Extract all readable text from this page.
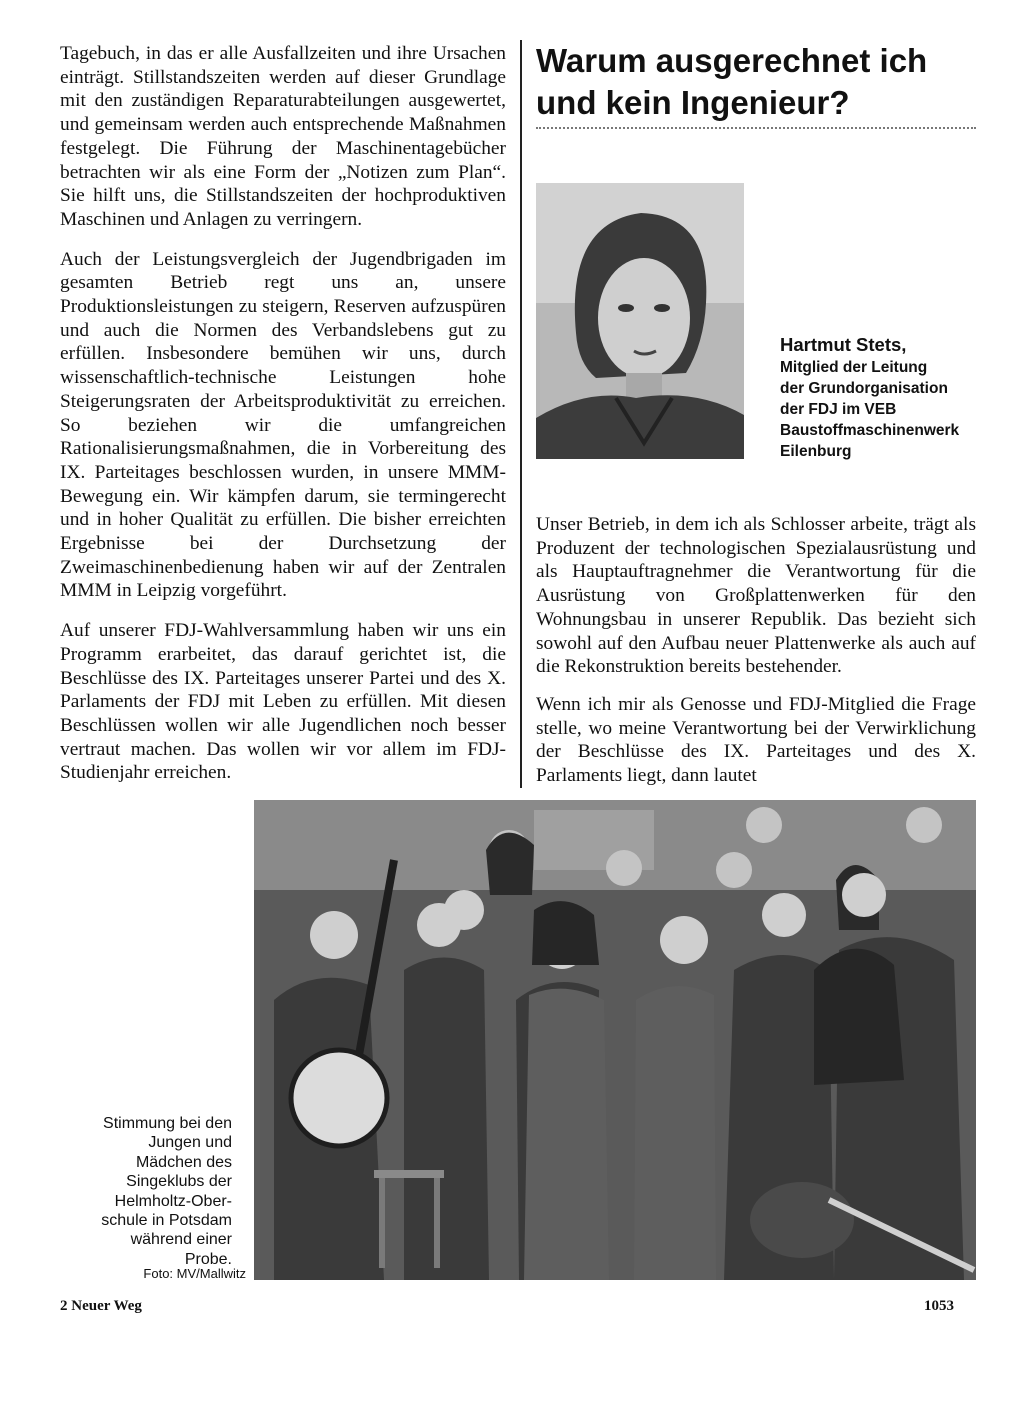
Tagebuch, in das er alle Ausfallzeiten und ihre Ursachen einträgt. Stillstandszeiten werden auf dieser Grundlage mit den zuständigen Reparaturabteilungen ausgewertet, und gemeinsam werden auch entsprechende Maßnahmen festgelegt. Die Führung der Maschinentagebücher betrachten wir als eine Form der „Notizen zum Plan“. Sie hilft uns, die Stillstandszeiten der hochproduktiven Maschinen und Anlagen zu verringern.

Auch der Leistungsvergleich der Jugendbrigaden im gesamten Betrieb regt uns an, unsere Produktionsleistungen zu steigern, Reserven aufzuspüren und auch die Normen des Verbandslebens gut zu erfüllen. Insbesondere bemühen wir uns, durch wissenschaftlich-technische Leistungen hohe Steigerungsraten der Arbeitsproduktivität zu erreichen. So beziehen wir die umfangreichen Rationalisierungsmaßnahmen, die in Vorbereitung des IX. Parteitages beschlossen wurden, in unsere MMM-Bewegung ein. Wir kämpfen darum, sie termingerecht und in hoher Qualität zu erfüllen. Die bisher erreichten Ergebnisse bei der Durchsetzung der Zweimaschinenbedienung haben wir auf der Zentralen MMM in Leipzig vorgeführt.

Auf unserer FDJ-Wahlversammlung haben wir uns ein Programm erarbeitet, das darauf gerichtet ist, die Beschlüsse des IX. Parteitages unserer Partei und des X. Parlaments der FDJ mit Leben zu erfüllen. Mit diesen Beschlüssen wollen wir alle Jugendlichen noch besser vertraut machen. Das wollen wir vor allem im FDJ-Studienjahr erreichen.

Warum ausgerechnet ich
und kein Ingenieur?
Hartmut Stets,
Mitglied der Leitung
der Grundorganisation
der FDJ im VEB
Baustoffmaschinenwerk
Eilenburg

Unser Betrieb, in dem ich als Schlosser arbeite, trägt als Produzent der technologischen Spezialausrüstung und als Hauptauftragnehmer die Verantwortung für die Ausrüstung von Großplattenwerken für den Wohnungsbau in unserer Republik. Das bezieht sich sowohl auf den Aufbau neuer Plattenwerke als auch auf die Rekonstruktion bereits bestehender.

Wenn ich mir als Genosse und FDJ-Mitglied die Frage stelle, wo meine Verantwortung bei der Verwirklichung der Beschlüsse des IX. Parteitages und des X. Parlaments liegt, dann lautet

Stimmung bei den
Jungen und
Mädchen des
Singeklubs der
Helmholtz-Ober-
schule in Potsdam
während einer
Probe.
Foto: MV/Mallwitz
2 Neuer Weg	1053
